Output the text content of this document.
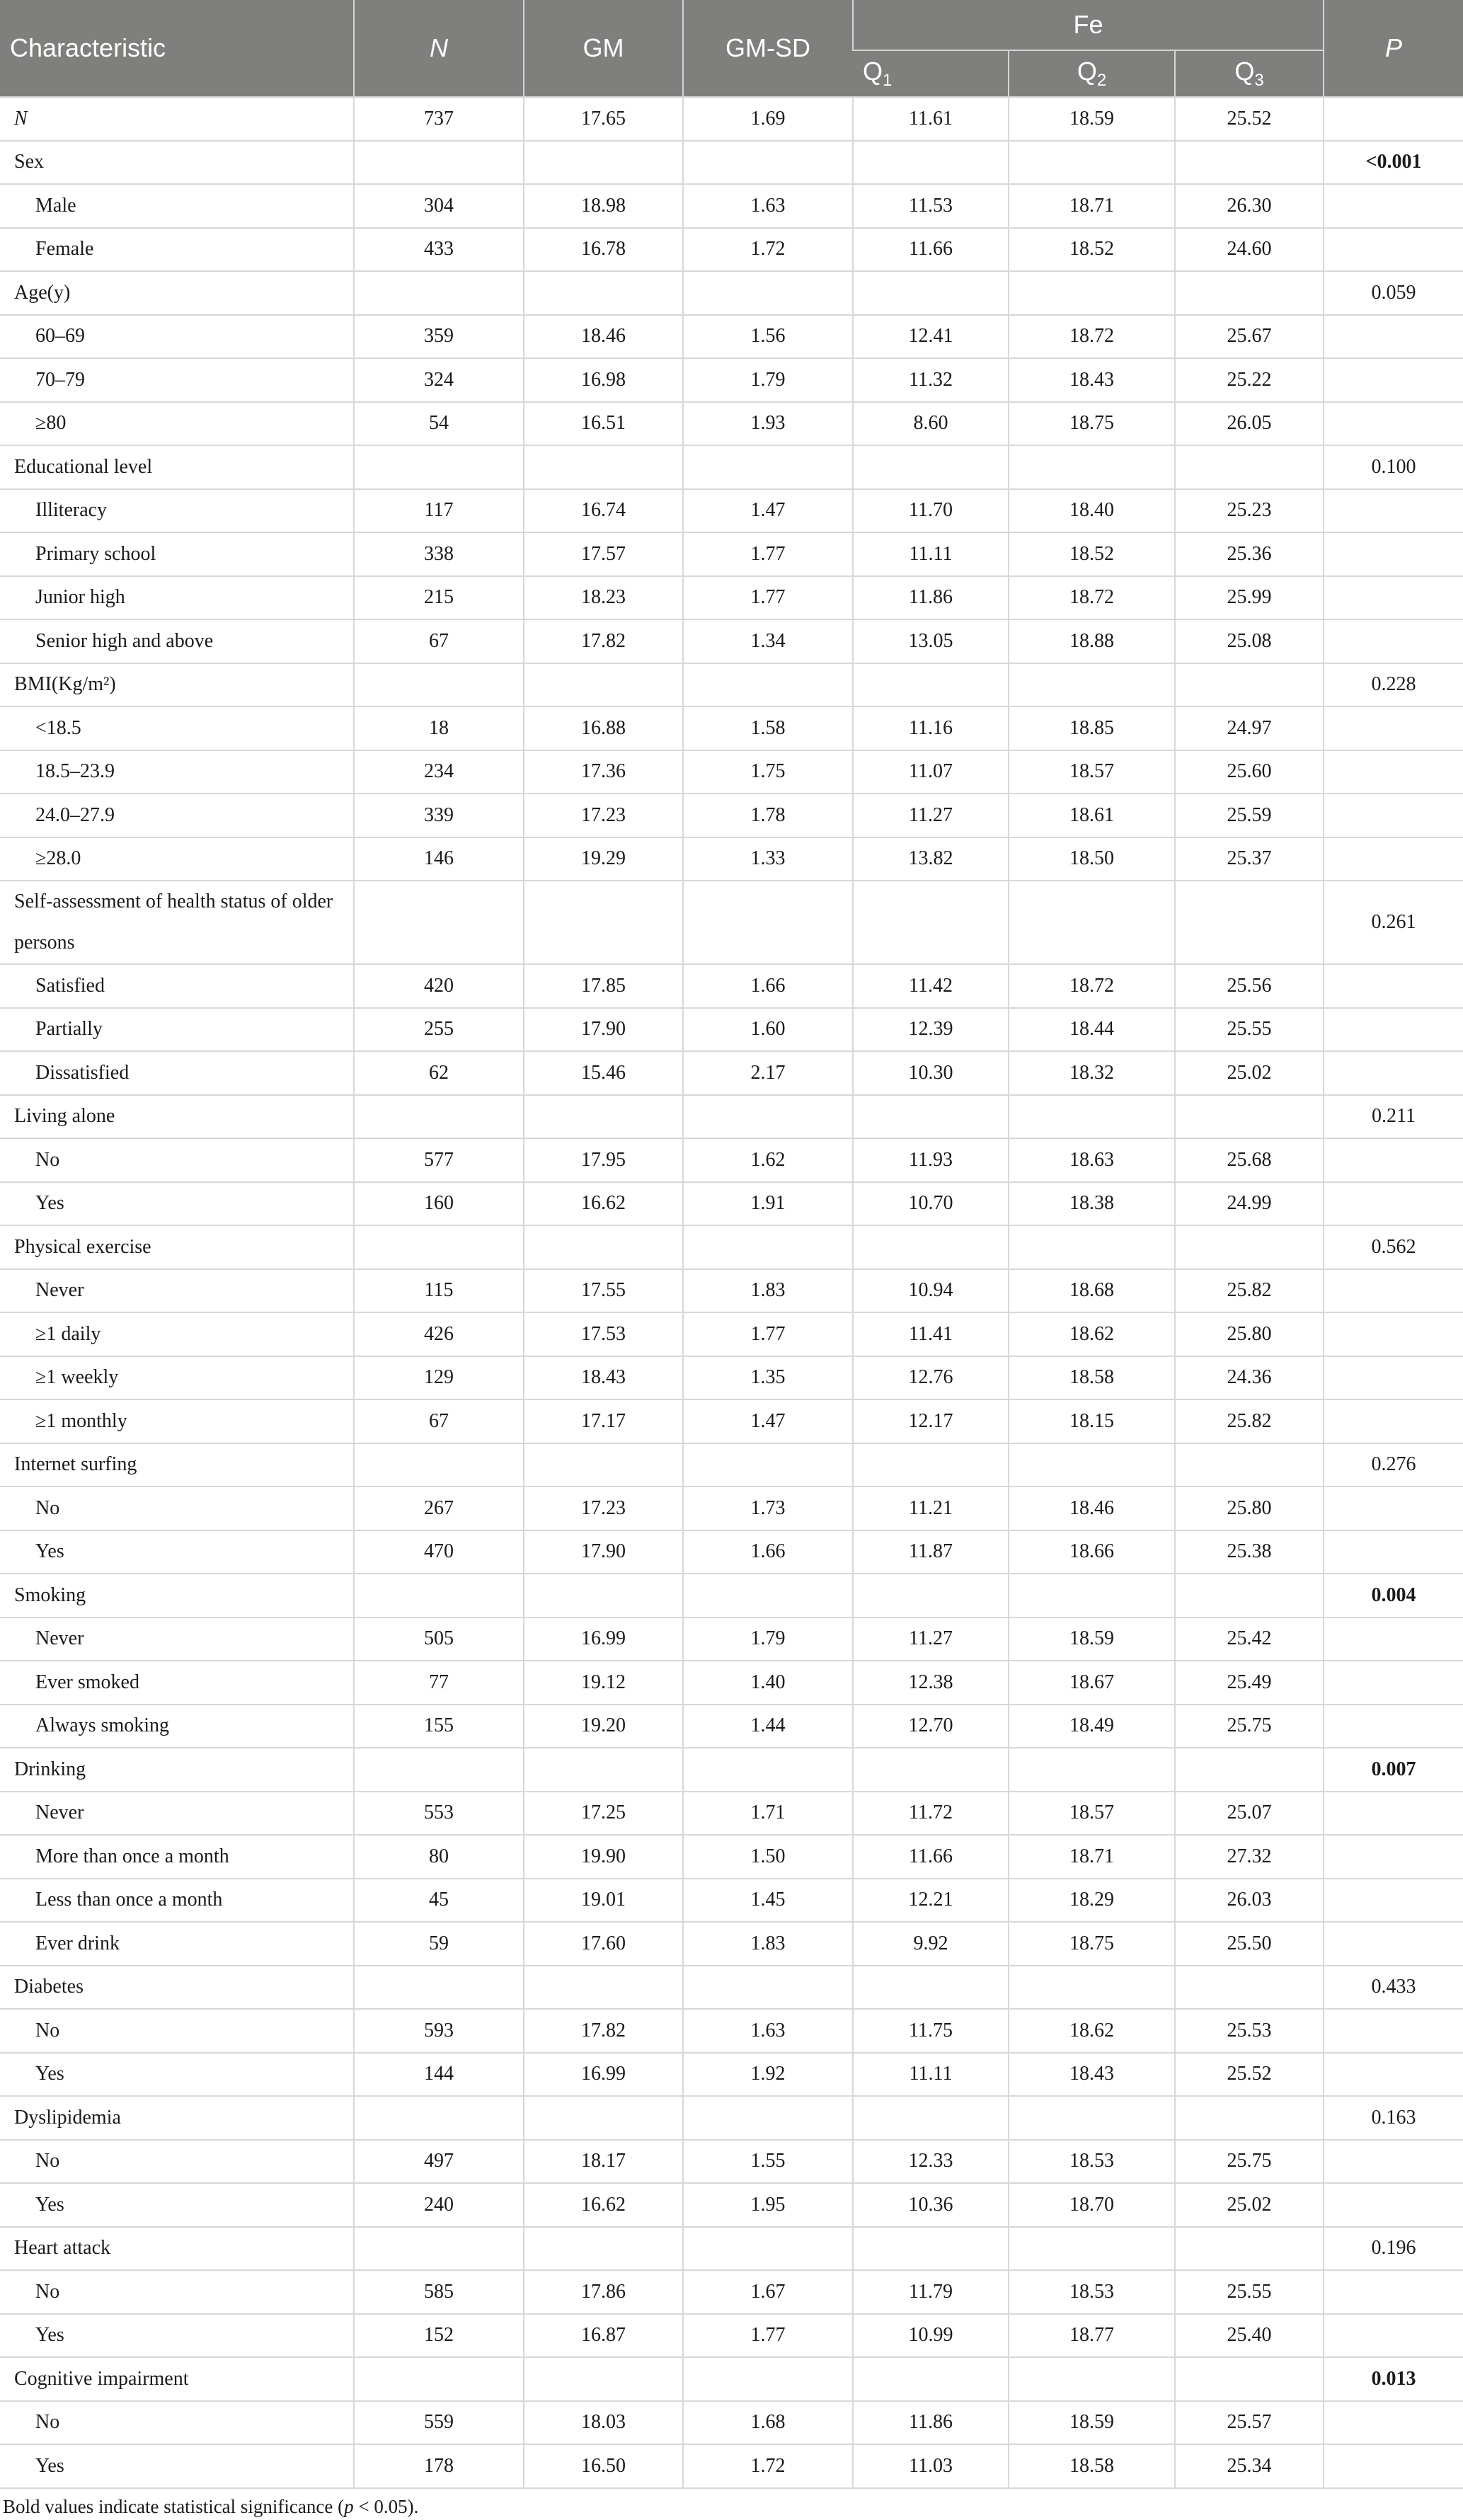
Characteristic	N	GM	GM-SD	Fe			P
				$Q_1$	$Q_2$	$Q_3$
N	737	17.65	1.69	11.61	18.59	25.52	
Sex							<0.001
Male	304	18.98	1.63	11.53	18.71	26.30	
Female	433	16.78	1.72	11.66	18.52	24.60	
Age(y)							0.059
60–69	359	18.46	1.56	12.41	18.72	25.67	
70–79	324	16.98	1.79	11.32	18.43	25.22	
≥80	54	16.51	1.93	8.60	18.75	26.05	
Educational level							0.100
Illiteracy	117	16.74	1.47	11.70	18.40	25.23	
Primary school	338	17.57	1.77	11.11	18.52	25.36	
Junior high	215	18.23	1.77	11.86	18.72	25.99	
Senior high and above	67	17.82	1.34	13.05	18.88	25.08	
BMI(Kg/m²)							0.228
<18.5	18	16.88	1.58	11.16	18.85	24.97	
18.5–23.9	234	17.36	1.75	11.07	18.57	25.60	
24.0–27.9	339	17.23	1.78	11.27	18.61	25.59	
≥28.0	146	19.29	1.33	13.82	18.50	25.37	
Self-assessment of health status of older persons							0.261
Satisfied	420	17.85	1.66	11.42	18.72	25.56	
Partially	255	17.90	1.60	12.39	18.44	25.55	
Dissatisfied	62	15.46	2.17	10.30	18.32	25.02	
Living alone							0.211
No	577	17.95	1.62	11.93	18.63	25.68	
Yes	160	16.62	1.91	10.70	18.38	24.99	
Physical exercise							0.562
Never	115	17.55	1.83	10.94	18.68	25.82	
≥1 daily	426	17.53	1.77	11.41	18.62	25.80	
≥1 weekly	129	18.43	1.35	12.76	18.58	24.36	
≥1 monthly	67	17.17	1.47	12.17	18.15	25.82	
Internet surfing							0.276
No	267	17.23	1.73	11.21	18.46	25.80	
Yes	470	17.90	1.66	11.87	18.66	25.38	
Smoking							0.004
Never	505	16.99	1.79	11.27	18.59	25.42	
Ever smoked	77	19.12	1.40	12.38	18.67	25.49	
Always smoking	155	19.20	1.44	12.70	18.49	25.75	
Drinking							0.007
Never	553	17.25	1.71	11.72	18.57	25.07	
More than once a month	80	19.90	1.50	11.66	18.71	27.32	
Less than once a month	45	19.01	1.45	12.21	18.29	26.03	
Ever drink	59	17.60	1.83	9.92	18.75	25.50	
Diabetes							0.433
No	593	17.82	1.63	11.75	18.62	25.53	
Yes	144	16.99	1.92	11.11	18.43	25.52	
Dyslipidemia							0.163
No	497	18.17	1.55	12.33	18.53	25.75	
Yes	240	16.62	1.95	10.36	18.70	25.02	
Heart attack							0.196
No	585	17.86	1.67	11.79	18.53	25.55	
Yes	152	16.87	1.77	10.99	18.77	25.40	
Cognitive impairment							0.013
No	559	18.03	1.68	11.86	18.59	25.57	
Yes	178	16.50	1.72	11.03	18.58	25.34	
Bold values indicate statistical significance (p < 0.05).
